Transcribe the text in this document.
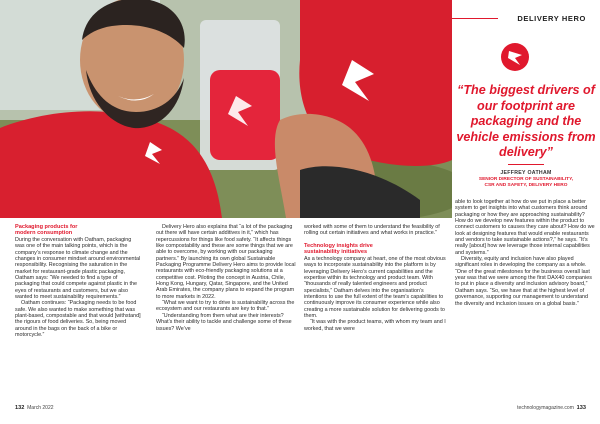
DELIVERY HERO
“The biggest drivers of our footprint are packaging and the vehicle emissions from delivery”
JEFFREY OATHAM
SENIOR DIRECTOR OF SUSTAINABILITY,
CSR AND SAFETY, DELIVERY HERO

Packaging products for
modern consumption

During the conversation with Oatham, packaging was one of the main talking points, which is the company’s response to climate change and the changes in consumer mindset around environmental responsibility. Recognising the saturation in the market for restaurant-grade plastic packaging, Oatham says: “We needed to find a type of packaging that could compete against plastic in the eyes of restaurants and customers, but we also wanted to meet sustainability requirements.”

Oatham continues: “Packaging needs to be food safe. We also wanted to make something that was plant-based, compostable and that would [withstand] the rigours of food deliveries. So, being moved around in the bags on the back of a bike or motorcycle.”

Delivery Hero also explains that “a lot of the packaging out there will have certain additives in it,” which has repercussions for things like food safety. “It affects things like compostability and these are some things that we are able to overcome, by working with our packaging partners.” By launching its own global Sustainable Packaging Programme Delivery Hero aims to provide local restaurants with eco-friendly packaging solutions at a competitive cost. Piloting the concept in Austria, Chile, Hong Kong, Hungary, Qatar, Singapore, and the United Arab Emirates, the company plans to expand the program to more markets in 2022.

“What we want to try to drive is sustainability across the ecosystem and our restaurants are key to that.”

“Understanding from them what are their interests? What’s their ability to tackle and challenge some of these issues? We’ve

worked with some of them to understand the feasibility of rolling out certain initiatives and what works in practice.”

Technology insights drive
sustainability initiatives

As a technology company at heart, one of the most obvious ways to incorporate sustainability into the platform is by leveraging Delivery Hero’s current capabilities and the expertise within its technology and product team. With “thousands of really talented engineers and product specialists,” Oatham delves into the organisation’s intentions to use the full extent of the team’s capabilities to continuously improve its consumer experience while also creating a more sustainable solution for delivering goods to them.

“It was with the product teams, with whom my team and I worked, that we were

able to look together at how do we put in place a better system to get insights into what customers think around packaging or how they are approaching sustainability? How do we develop new features within the product to connect customers to causes they care about? How do we look at designing features that would enable restaurants and vendors to take sustainable actions?,” he says. “It’s really [about] how we leverage those internal capabilities and systems.”

Diversity, equity and inclusion have also played significant roles in developing the company as a whole. “One of the great milestones for the business overall last year was that we were among the first DAX40 companies to put in place a diversity and inclusion advisory board,” Oatham says. “So, we have that at the highest level of governance, supporting our management to understand the diversity and inclusion issues on a global basis.”

132 March 2022	technologymagazine.com 133
